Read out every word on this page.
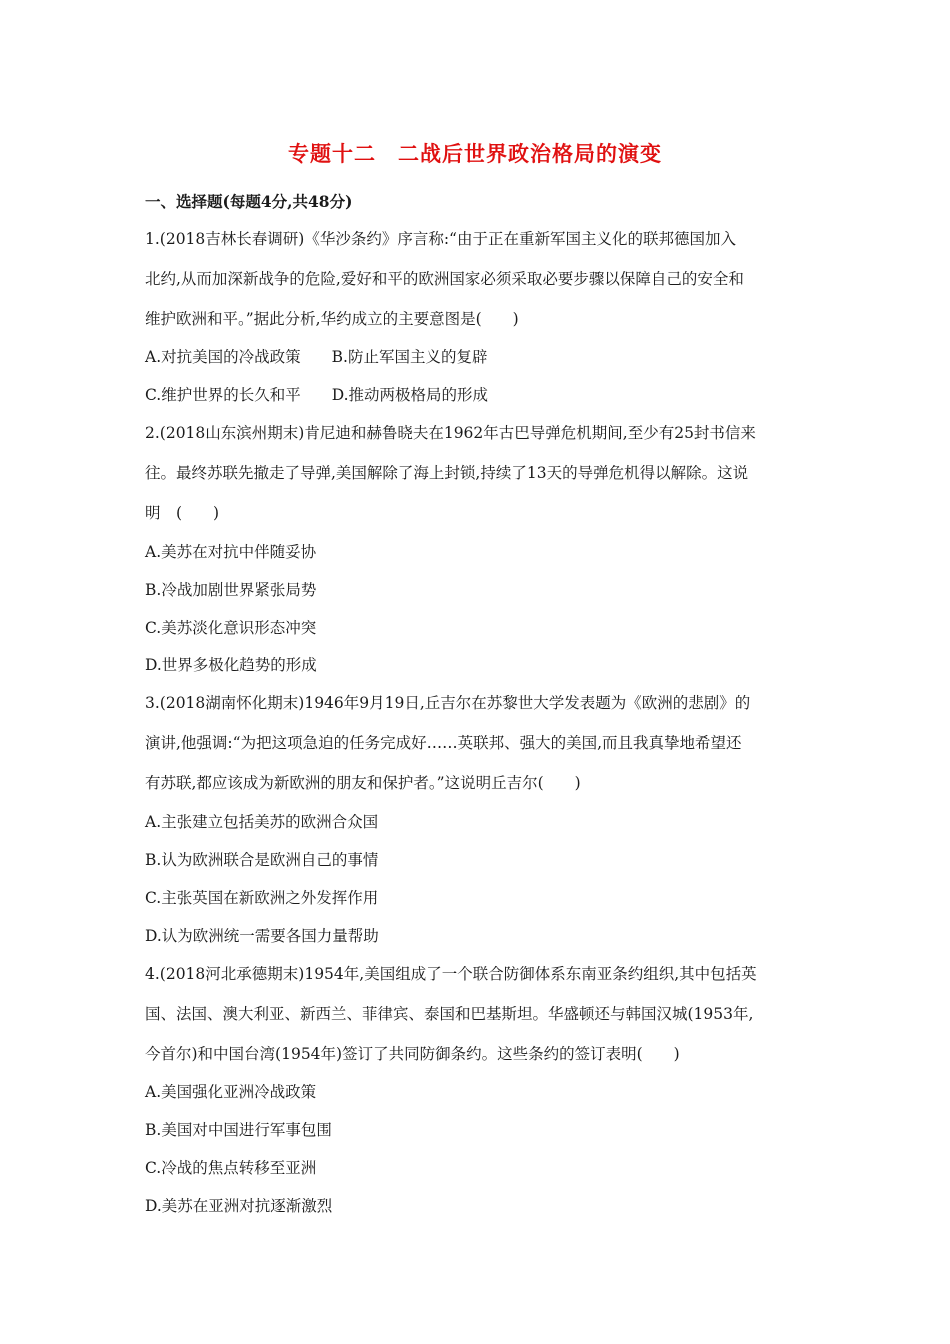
专题十二　二战后世界政治格局的演变
一、选择题(每题4分,共48分)
1.(2018吉林长春调研)《华沙条约》序言称:“由于正在重新军国主义化的联邦德国加入
北约,从而加深新战争的危险,爱好和平的欧洲国家必须采取必要步骤以保障自己的安全和
维护欧洲和平。”据此分析,华约成立的主要意图是(　　)
A.对抗美国的冷战政策　　B.防止军国主义的复辟
C.维护世界的长久和平　　D.推动两极格局的形成
2.(2018山东滨州期末)肯尼迪和赫鲁晓夫在1962年古巴导弹危机期间,至少有25封书信来
往。最终苏联先撤走了导弹,美国解除了海上封锁,持续了13天的导弹危机得以解除。这说
明　(　　)
A.美苏在对抗中伴随妥协
B.冷战加剧世界紧张局势
C.美苏淡化意识形态冲突
D.世界多极化趋势的形成
3.(2018湖南怀化期末)1946年9月19日,丘吉尔在苏黎世大学发表题为《欧洲的悲剧》的
演讲,他强调:“为把这项急迫的任务完成好……英联邦、强大的美国,而且我真挚地希望还
有苏联,都应该成为新欧洲的朋友和保护者。”这说明丘吉尔(　　)
A.主张建立包括美苏的欧洲合众国
B.认为欧洲联合是欧洲自己的事情
C.主张英国在新欧洲之外发挥作用
D.认为欧洲统一需要各国力量帮助
4.(2018河北承德期末)1954年,美国组成了一个联合防御体系东南亚条约组织,其中包括英
国、法国、澳大利亚、新西兰、菲律宾、泰国和巴基斯坦。华盛顿还与韩国汉城(1953年,
今首尔)和中国台湾(1954年)签订了共同防御条约。这些条约的签订表明(　　)
A.美国强化亚洲冷战政策
B.美国对中国进行军事包围
C.冷战的焦点转移至亚洲
D.美苏在亚洲对抗逐渐激烈
